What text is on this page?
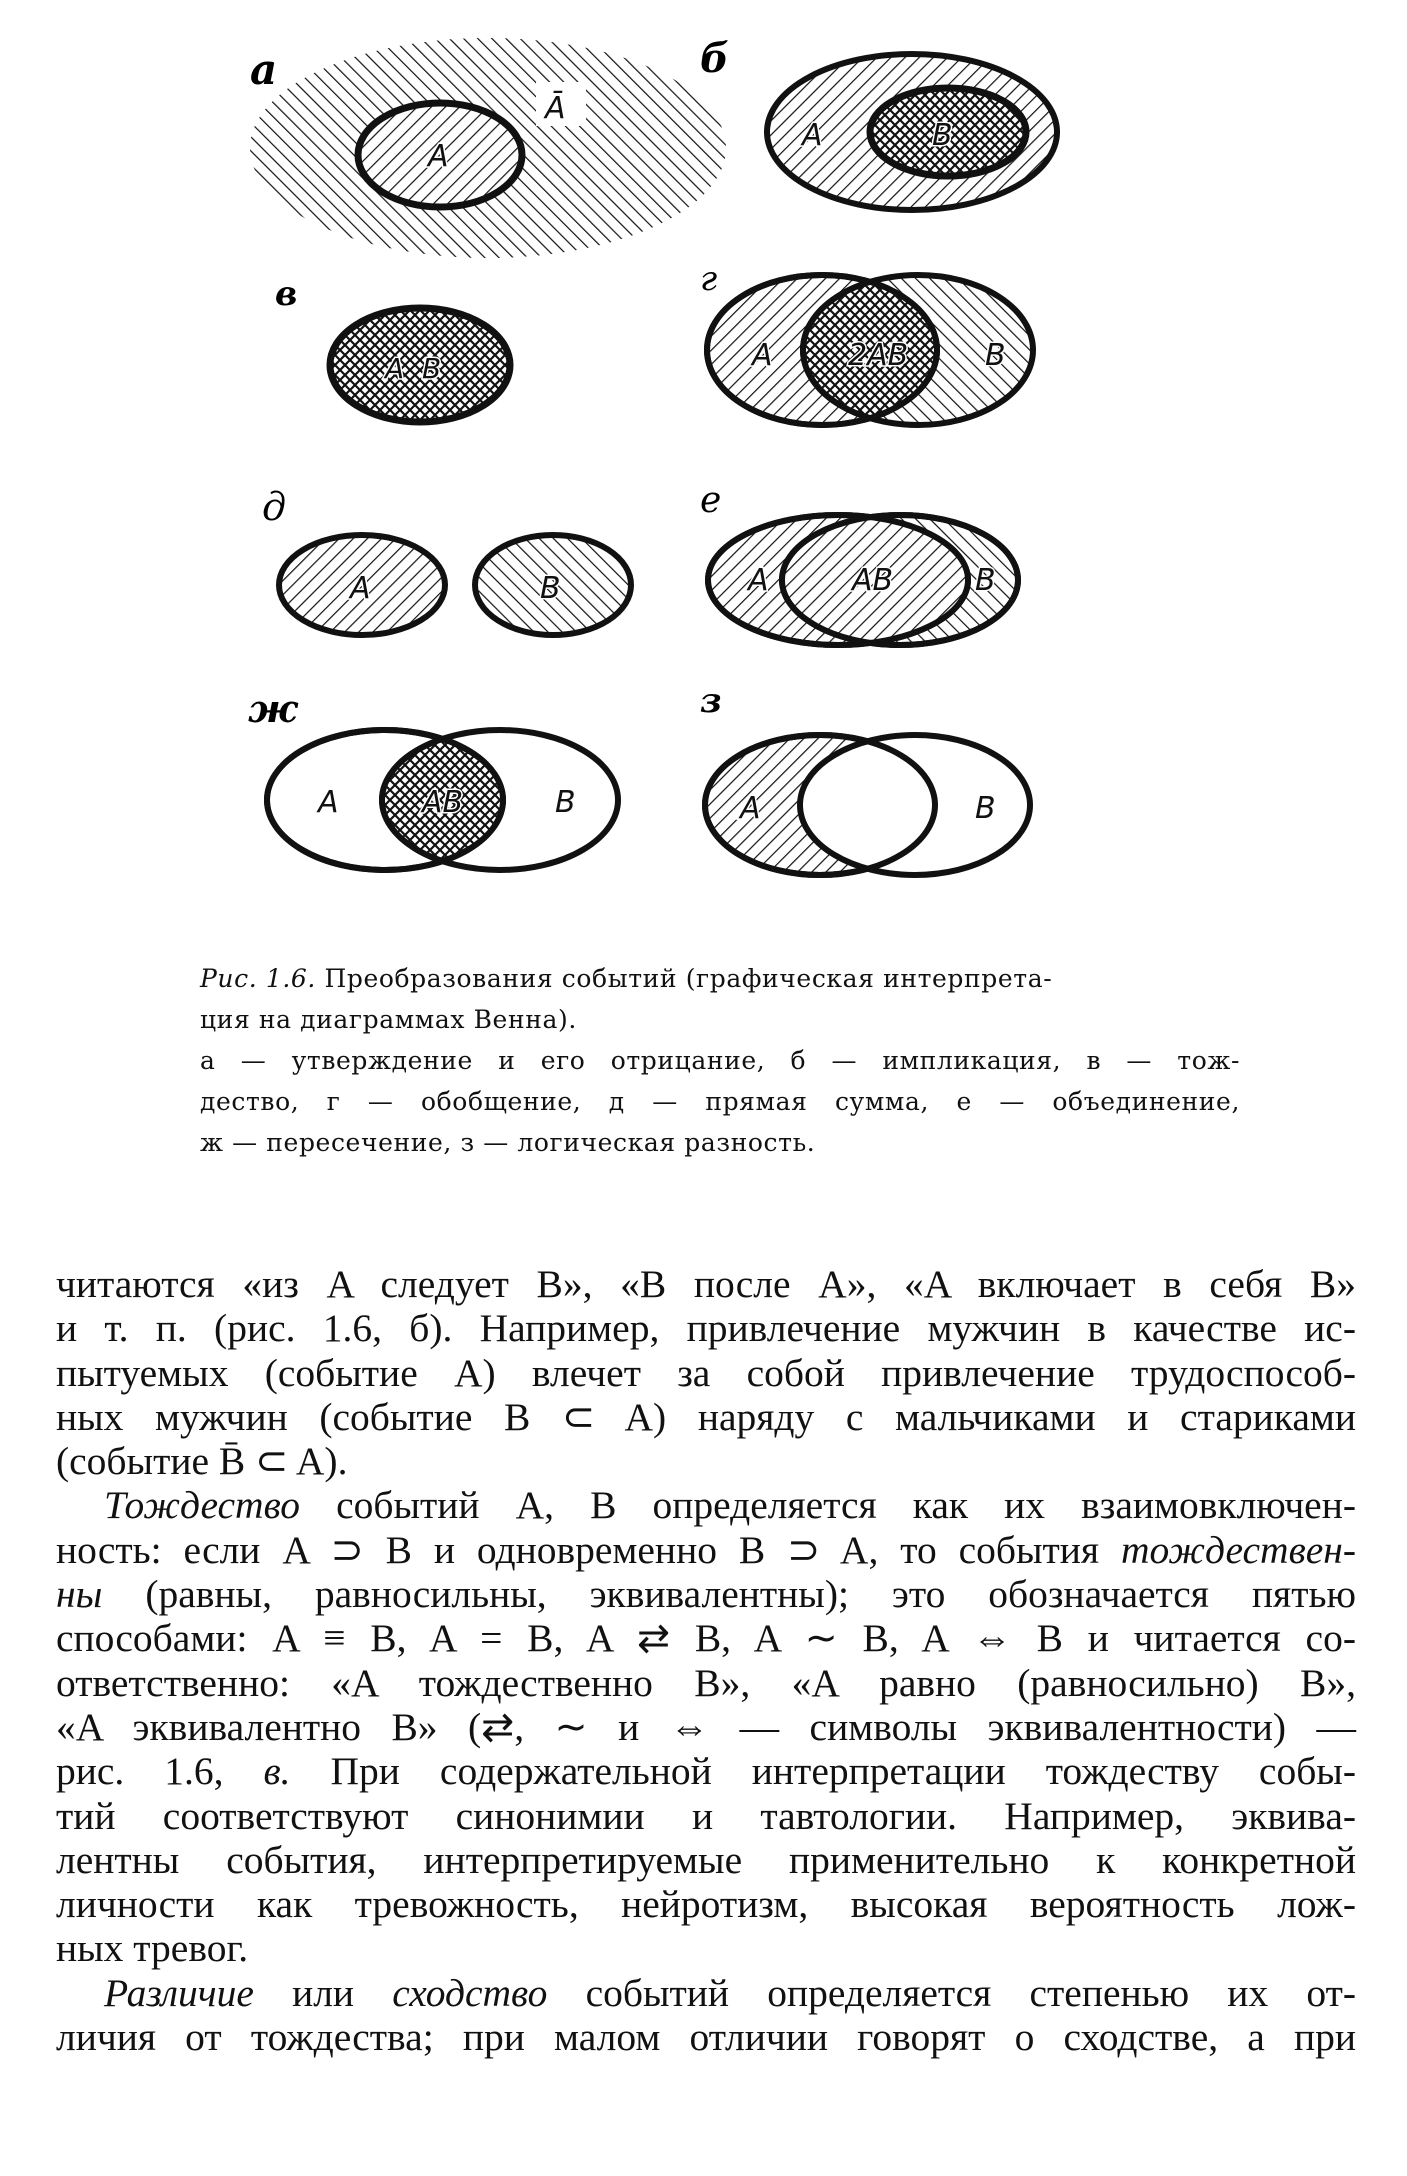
а
A
Ā
б
A	B
в
A  B
г
A	2AB	B
д
A	B
е
A	AB	B
ж
A	AB	B
з
A	B
Рис. 1.6. Преобразования событий (графическая интерпрета-
ция на диаграммах Венна).
а — утверждение и его отрицание, б — импликация, в — тож-
дество, г — обобщение, д — прямая сумма, е — объединение,
ж — пересечение, з — логическая разность.
читаются «из A следует B», «B после A», «A включает в себя B»
и т. п. (рис. 1.6, б). Например, привлечение мужчин в качестве ис-
пытуемых (событие A) влечет за собой привлечение трудоспособ-
ных мужчин (событие B ⊂ A) наряду с мальчиками и стариками
(событие B̄ ⊂ A).
Тождество событий A, B определяется как их взаимовключен-
ность: если A ⊃ B и одновременно B ⊃ A, то события тождествен-
ны (равны, равносильны, эквивалентны); это обозначается пятью
способами: A ≡ B, A = B, A ⇄ B, A ∼ B, A ⇔ B и читается со-
ответственно: «A тождественно B», «A равно (равносильно) B»,
«A эквивалентно B» (⇄, ∼ и ⇔ — символы эквивалентности) —
рис. 1.6, в. При содержательной интерпретации тождеству собы-
тий соответствуют синонимии и тавтологии. Например, эквива-
лентны события, интерпретируемые применительно к конкретной
личности как тревожность, нейротизм, высокая вероятность лож-
ных тревог.
Различие или сходство событий определяется степенью их от-
личия от тождества; при малом отличии говорят о сходстве, а при
